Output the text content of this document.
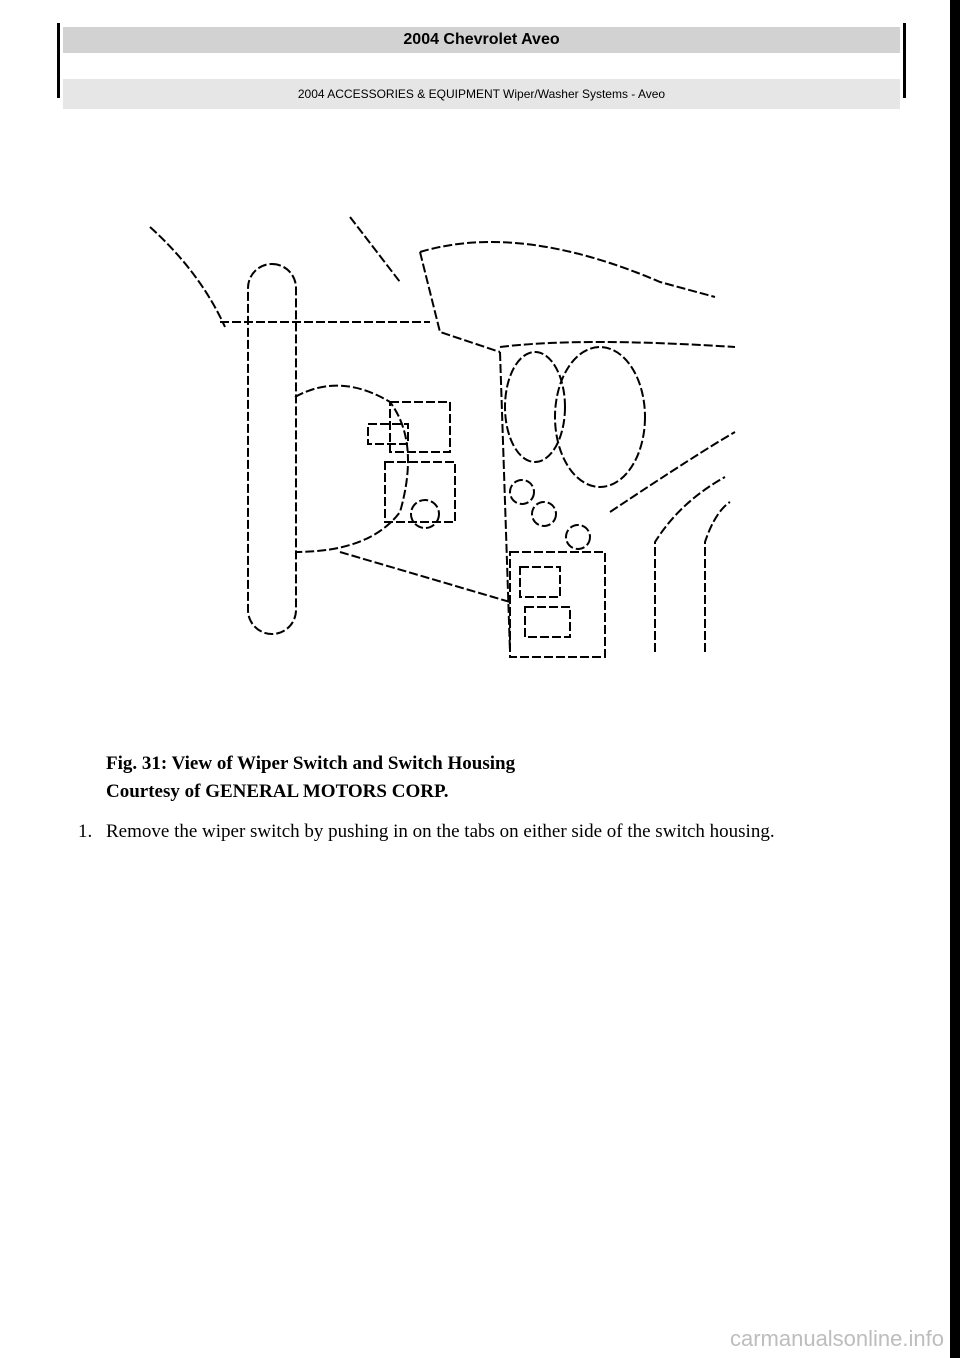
2004 Chevrolet Aveo
2004 ACCESSORIES & EQUIPMENT Wiper/Washer Systems - Aveo
Fig. 31: View of Wiper Switch and Switch Housing
Courtesy of GENERAL MOTORS CORP.
1. Remove the wiper switch by pushing in on the tabs on either side of the switch housing.
carmanualsonline.info
